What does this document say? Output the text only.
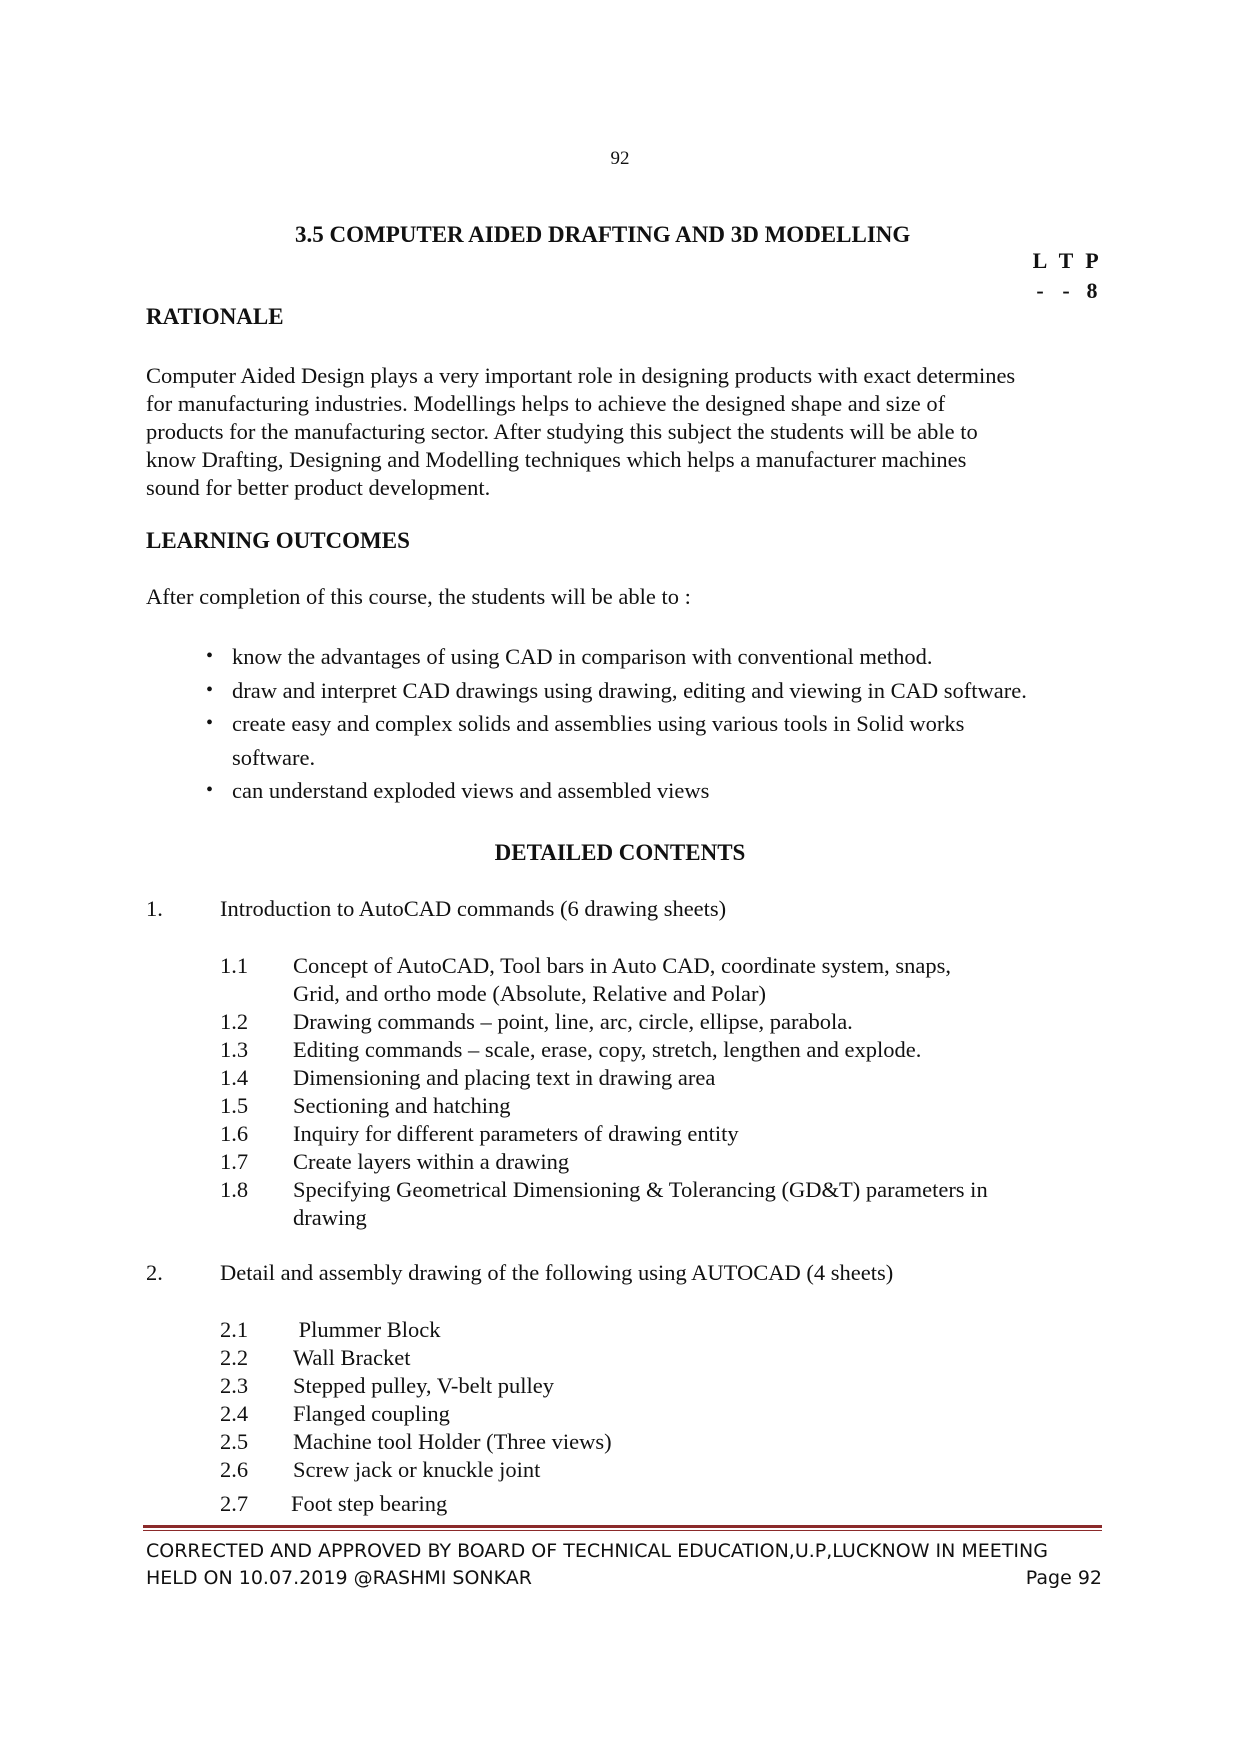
92
3.5 COMPUTER AIDED DRAFTING AND 3D MODELLING
L T P
- - 8
RATIONALE
Computer Aided Design plays a very important role in designing products with exact determines
for manufacturing industries. Modellings helps to achieve the designed shape and size of
products for the manufacturing sector. After studying this subject the students will be able to
know Drafting, Designing and Modelling techniques which helps a manufacturer machines
sound for better product development.
LEARNING OUTCOMES
After completion of this course, the students will be able to :
• know the advantages of using CAD in comparison with conventional method.
• draw and interpret CAD drawings using drawing, editing and viewing in CAD software.
• create easy and complex solids and assemblies using various tools in Solid works software.
• can understand exploded views and assembled views
DETAILED CONTENTS
1.	Introduction to AutoCAD commands (6 drawing sheets)
1.1 Concept of AutoCAD, Tool bars in Auto CAD, coordinate system, snaps,
Grid, and ortho mode (Absolute, Relative and Polar)
1.2 Drawing commands – point, line, arc, circle, ellipse, parabola.
1.3 Editing commands – scale, erase, copy, stretch, lengthen and explode.
1.4 Dimensioning and placing text in drawing area
1.5 Sectioning and hatching
1.6 Inquiry for different parameters of drawing entity
1.7 Create layers within a drawing
1.8 Specifying Geometrical Dimensioning & Tolerancing (GD&T) parameters in
drawing
2.	Detail and assembly drawing of the following using AUTOCAD (4 sheets)
2.1 Plummer Block
2.2 Wall Bracket
2.3 Stepped pulley, V-belt pulley
2.4 Flanged coupling
2.5 Machine tool Holder (Three views)
2.6 Screw jack or knuckle joint
2.7 Foot step bearing
CORRECTED AND APPROVED BY BOARD OF TECHNICAL EDUCATION,U.P,LUCKNOW IN MEETING
HELD ON 10.07.2019 @RASHMI SONKAR	Page 92
